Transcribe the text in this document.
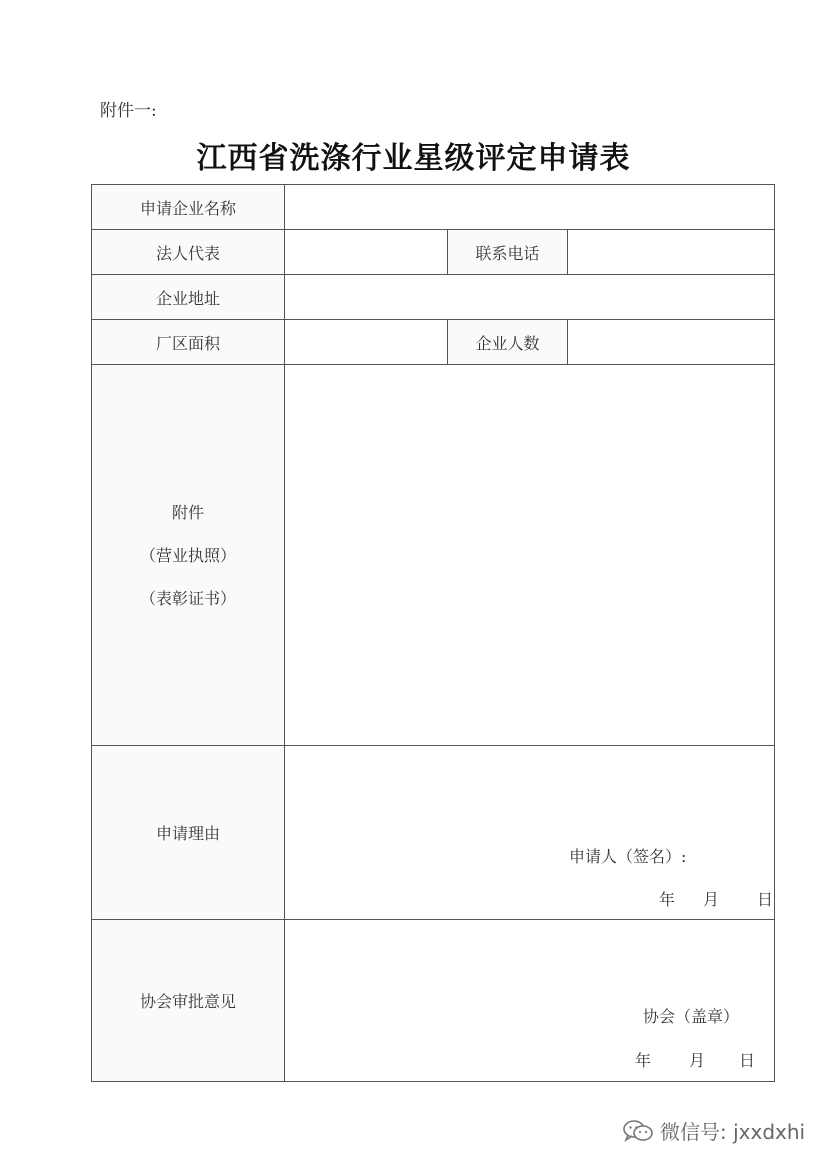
附件一:
江西省洗涤行业星级评定申请表
申请企业名称			
法人代表		联系电话	
企业地址			
厂区面积		企业人数	

附件
（营业执照）
（表彰证书）			

申请理由	申请人（签名）:
年 月 日		

协会审批意见	协会（盖章）
年 月 日		
微信号: jxxdxhi
